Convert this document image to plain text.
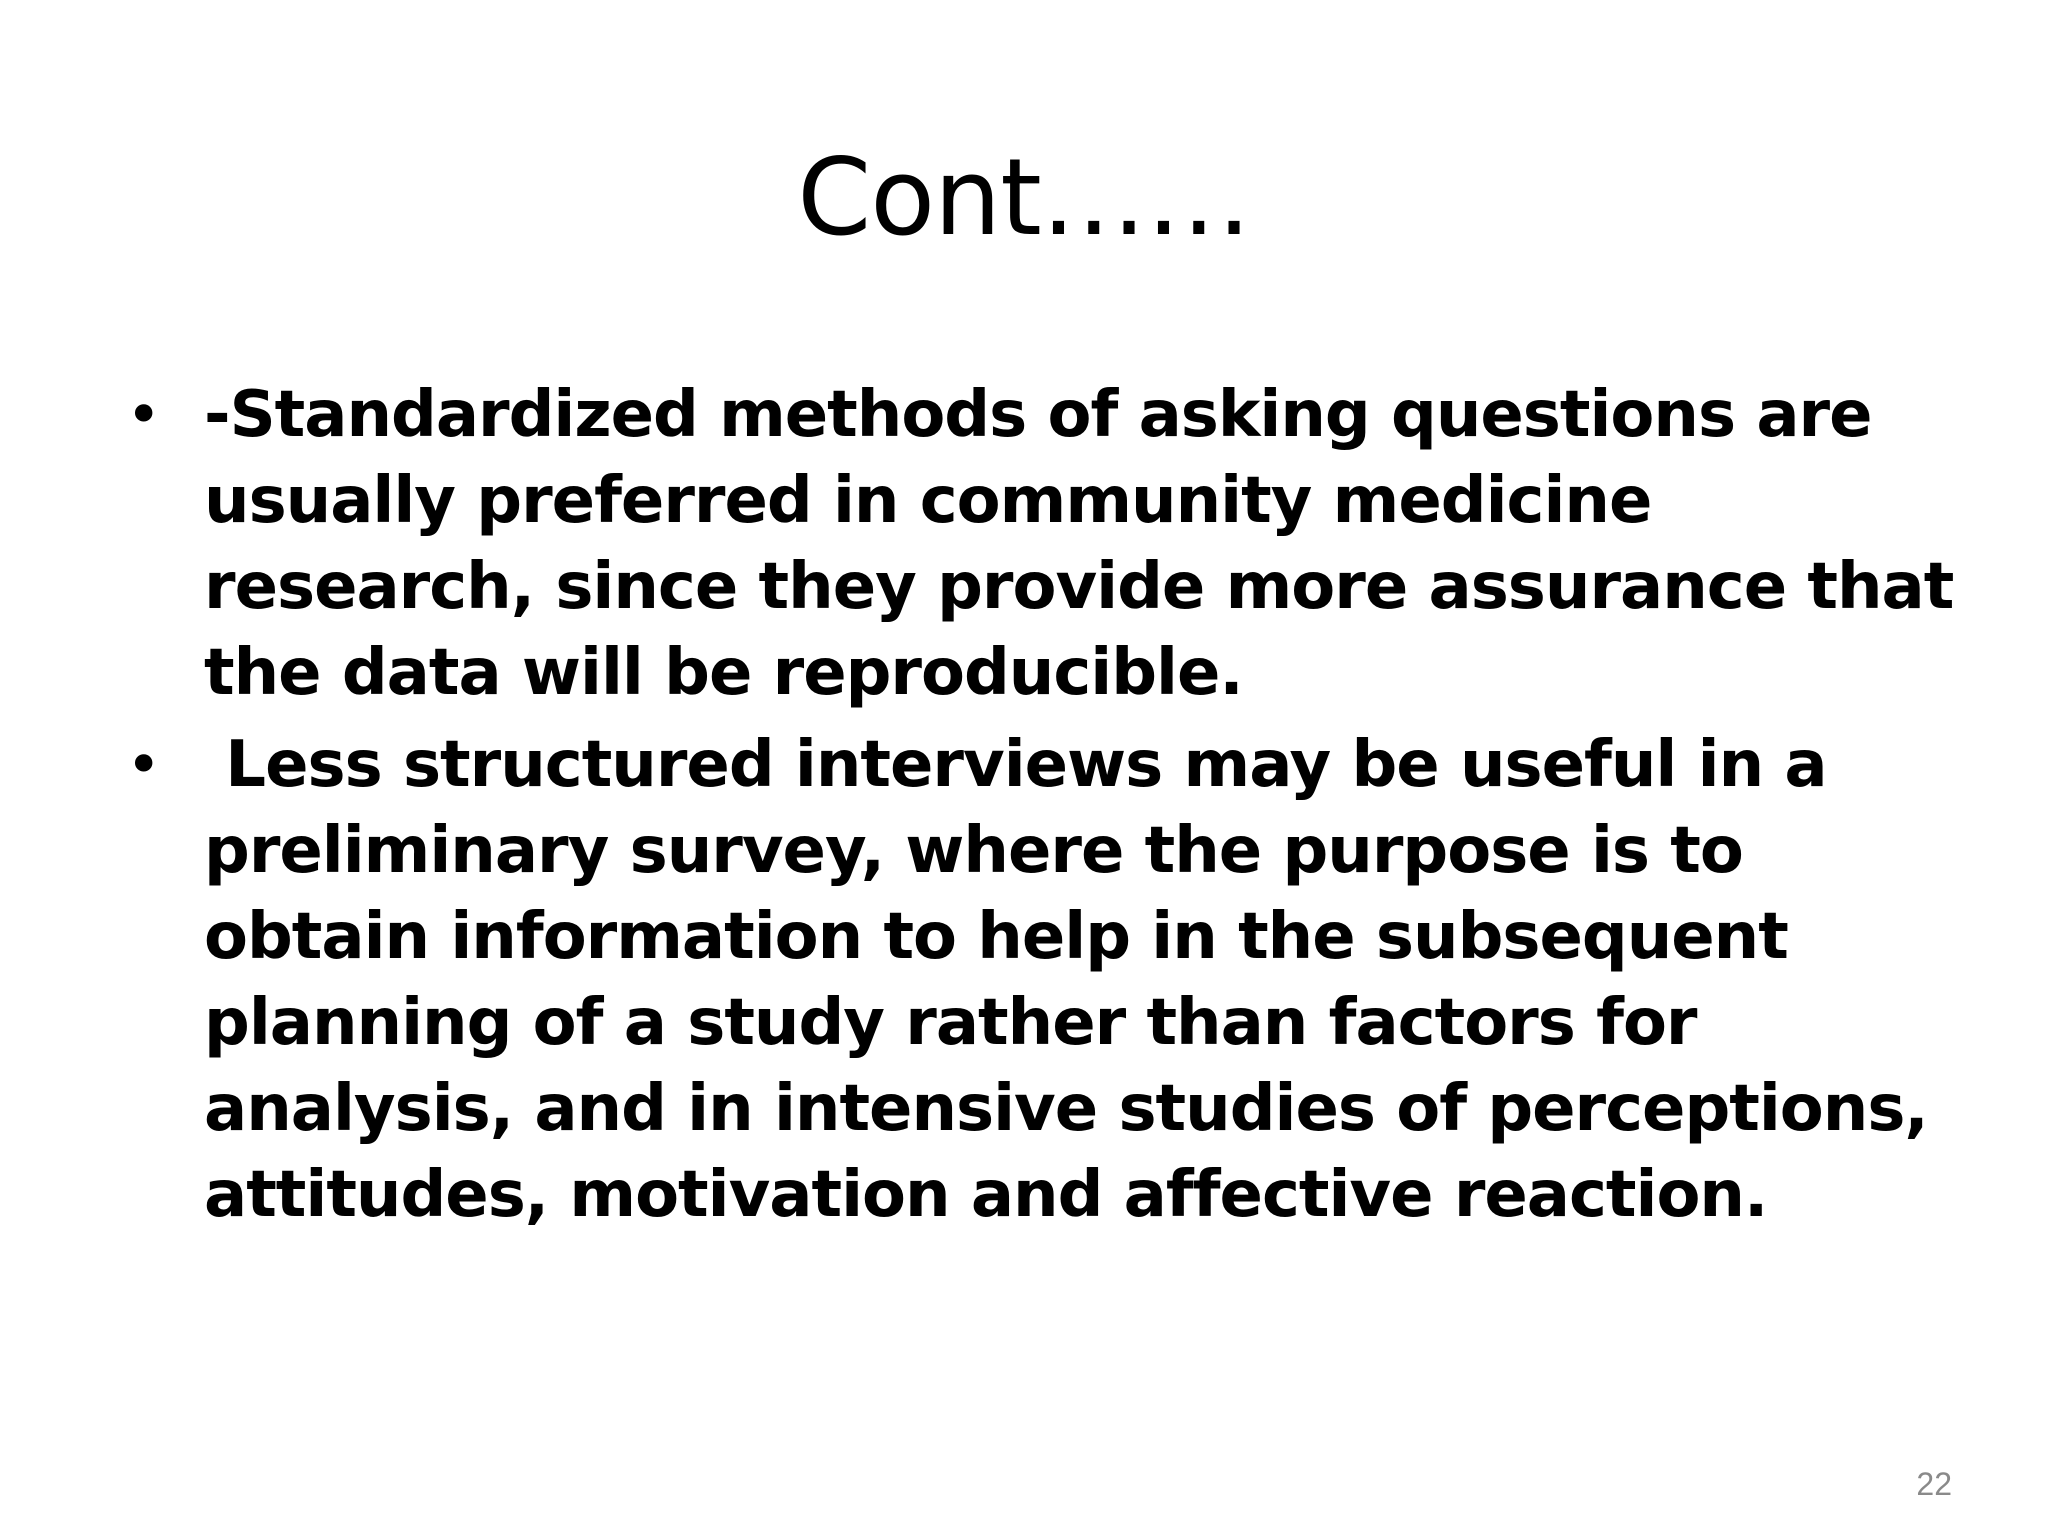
Cont……
• -Standardized methods of asking questions are usually preferred in community medicine research, since they provide more assurance that the data will be reproducible.
• Less structured interviews may be useful in a preliminary survey, where the purpose is to obtain information to help in the subsequent planning of a study rather than factors for analysis, and in intensive studies of perceptions, attitudes, motivation and affective reaction.
22
